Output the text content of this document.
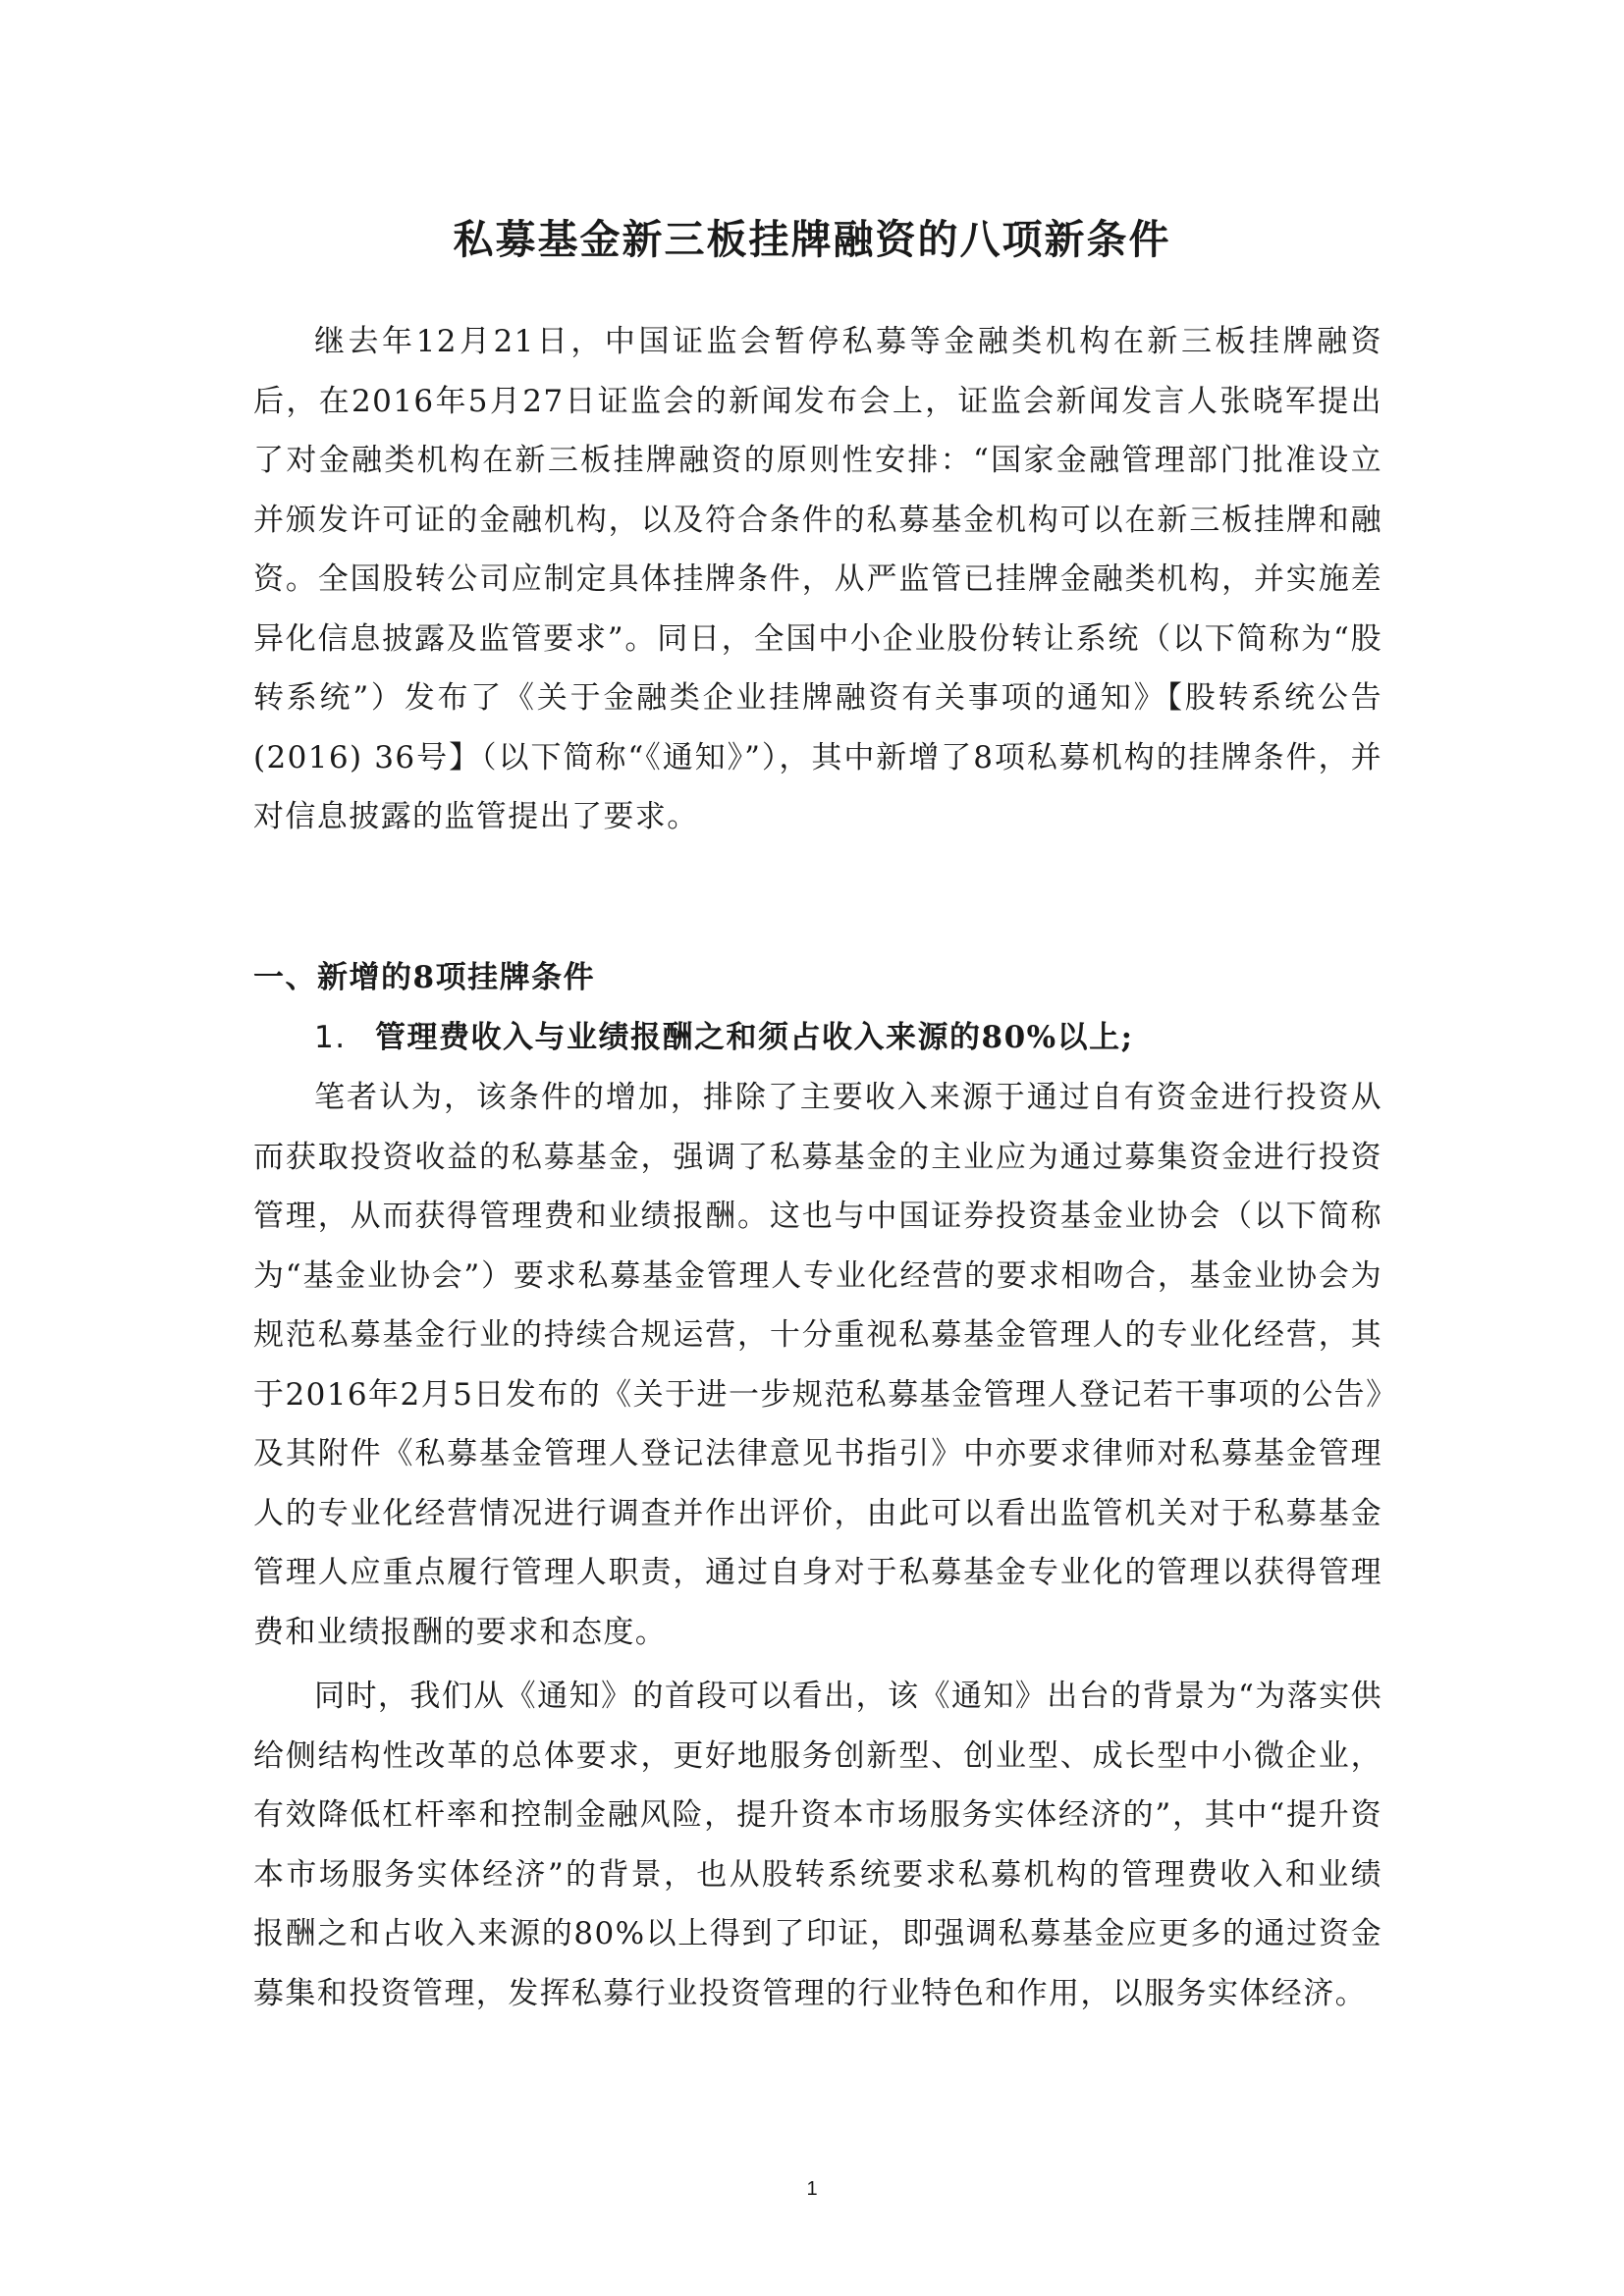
私募基金新三板挂牌融资的八项新条件

继去年12月21日，中国证监会暂停私募等金融类机构在新三板挂牌融资后，在2016年5月27日证监会的新闻发布会上，证监会新闻发言人张晓军提出了对金融类机构在新三板挂牌融资的原则性安排：“国家金融管理部门批准设立并颁发许可证的金融机构，以及符合条件的私募基金机构可以在新三板挂牌和融资。全国股转公司应制定具体挂牌条件，从严监管已挂牌金融类机构，并实施差异化信息披露及监管要求”。同日，全国中小企业股份转让系统（以下简称为“股转系统”）发布了《关于金融类企业挂牌融资有关事项的通知》【股转系统公告(2016) 36号】（以下简称“《通知》”），其中新增了8项私募机构的挂牌条件，并对信息披露的监管提出了要求。

一、新增的8项挂牌条件
1. 管理费收入与业绩报酬之和须占收入来源的80%以上;

笔者认为，该条件的增加，排除了主要收入来源于通过自有资金进行投资从而获取投资收益的私募基金，强调了私募基金的主业应为通过募集资金进行投资管理，从而获得管理费和业绩报酬。这也与中国证券投资基金业协会（以下简称为“基金业协会”）要求私募基金管理人专业化经营的要求相吻合，基金业协会为规范私募基金行业的持续合规运营，十分重视私募基金管理人的专业化经营，其于2016年2月5日发布的《关于进一步规范私募基金管理人登记若干事项的公告》及其附件《私募基金管理人登记法律意见书指引》中亦要求律师对私募基金管理人的专业化经营情况进行调查并作出评价，由此可以看出监管机关对于私募基金管理人应重点履行管理人职责，通过自身对于私募基金专业化的管理以获得管理费和业绩报酬的要求和态度。

同时，我们从《通知》的首段可以看出，该《通知》出台的背景为“为落实供给侧结构性改革的总体要求，更好地服务创新型、创业型、成长型中小微企业，有效降低杠杆率和控制金融风险，提升资本市场服务实体经济的”，其中“提升资本市场服务实体经济”的背景，也从股转系统要求私募机构的管理费收入和业绩报酬之和占收入来源的80%以上得到了印证，即强调私募基金应更多的通过资金募集和投资管理，发挥私募行业投资管理的行业特色和作用，以服务实体经济。

1
